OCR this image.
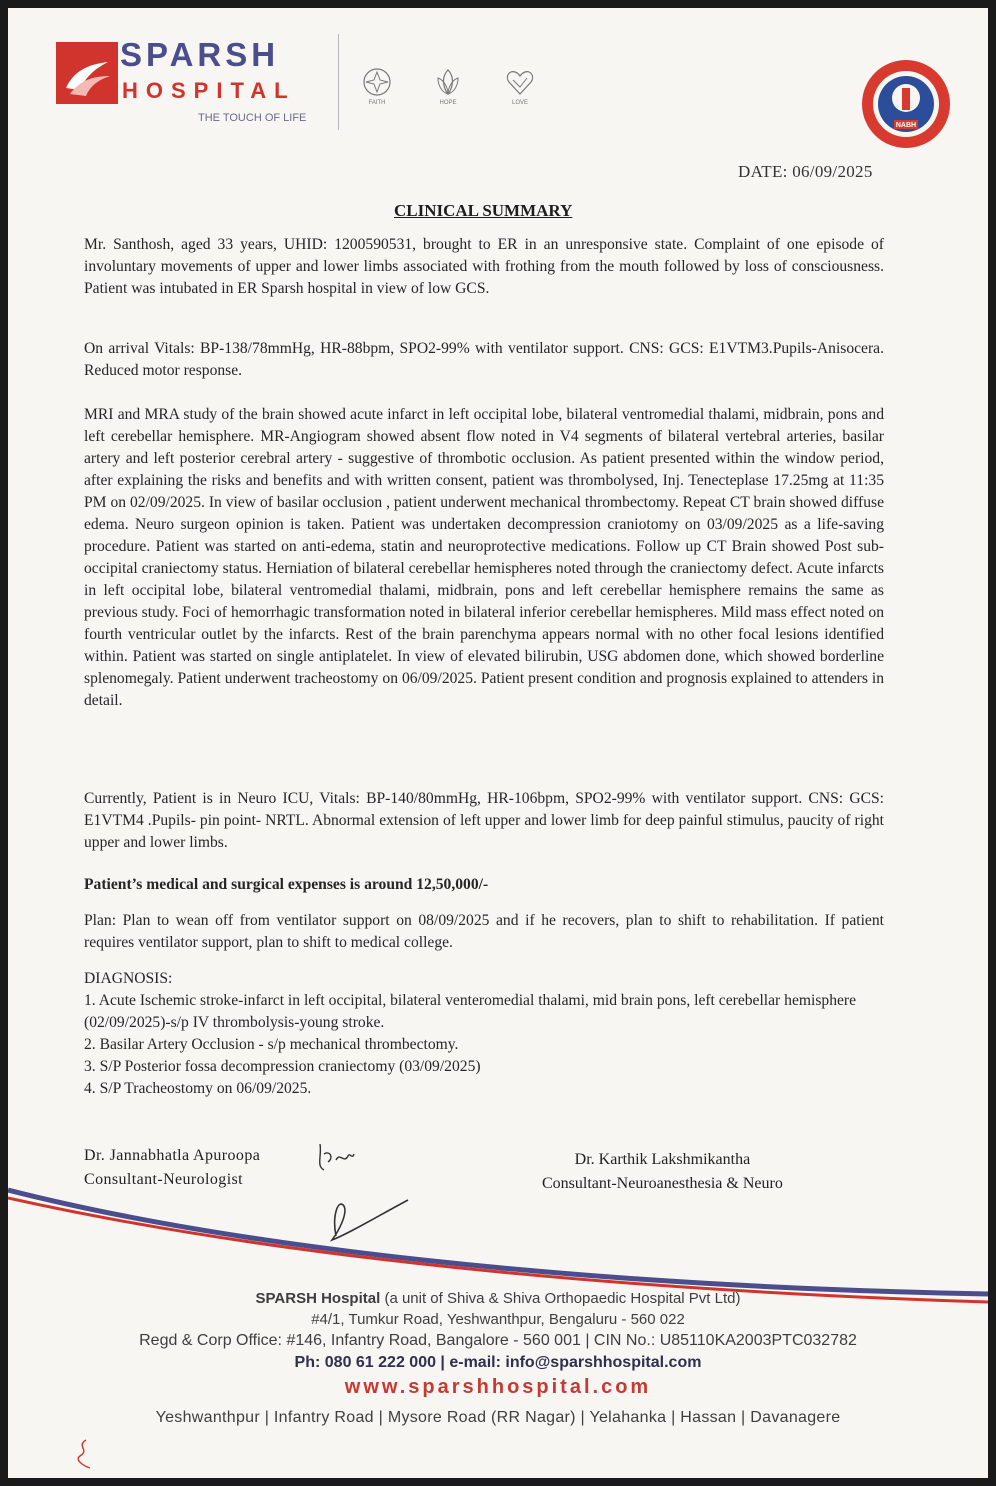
SPARSH
HOSPITAL
THE TOUCH OF LIFE
FAITH	HOPE	LOVE
NABH
DATE: 06/09/2025
CLINICAL SUMMARY
Mr. Santhosh, aged 33 years, UHID: 1200590531, brought to ER in an unresponsive state. Complaint of one episode of involuntary movements of upper and lower limbs associated with frothing from the mouth followed by loss of consciousness. Patient was intubated in ER Sparsh hospital in view of low GCS.
On arrival Vitals: BP-138/78mmHg, HR-88bpm, SPO2-99% with ventilator support. CNS: GCS: E1VTM3.Pupils-Anisocera. Reduced motor response.
MRI and MRA study of the brain showed acute infarct in left occipital lobe, bilateral ventromedial thalami, midbrain, pons and left cerebellar hemisphere. MR-Angiogram showed absent flow noted in V4 segments of bilateral vertebral arteries, basilar artery and left posterior cerebral artery - suggestive of thrombotic occlusion. As patient presented within the window period, after explaining the risks and benefits and with written consent, patient was thrombolysed, Inj. Tenecteplase 17.25mg at 11:35 PM on 02/09/2025. In view of basilar occlusion , patient underwent mechanical thrombectomy. Repeat CT brain showed diffuse edema. Neuro surgeon opinion is taken. Patient was undertaken decompression craniotomy on 03/09/2025 as a life-saving procedure. Patient was started on anti-edema, statin and neuroprotective medications. Follow up CT Brain showed Post sub-occipital craniectomy status. Herniation of bilateral cerebellar hemispheres noted through the craniectomy defect. Acute infarcts in left occipital lobe, bilateral ventromedial thalami, midbrain, pons and left cerebellar hemisphere remains the same as previous study. Foci of hemorrhagic transformation noted in bilateral inferior cerebellar hemispheres. Mild mass effect noted on fourth ventricular outlet by the infarcts. Rest of the brain parenchyma appears normal with no other focal lesions identified within. Patient was started on single antiplatelet. In view of elevated bilirubin, USG abdomen done, which showed borderline splenomegaly. Patient underwent tracheostomy on 06/09/2025. Patient present condition and prognosis explained to attenders in detail.
Currently, Patient is in Neuro ICU, Vitals: BP-140/80mmHg, HR-106bpm, SPO2-99% with ventilator support. CNS: GCS: E1VTM4 .Pupils- pin point- NRTL. Abnormal extension of left upper and lower limb for deep painful stimulus, paucity of right upper and lower limbs.
Patient’s medical and surgical expenses is around 12,50,000/-
Plan: Plan to wean off from ventilator support on 08/09/2025 and if he recovers, plan to shift to rehabilitation. If patient requires ventilator support, plan to shift to medical college.
DIAGNOSIS:
1. Acute Ischemic stroke-infarct in left occipital, bilateral venteromedial thalami, mid brain pons, left cerebellar hemisphere (02/09/2025)-s/p IV thrombolysis-young stroke.
2. Basilar Artery Occlusion - s/p mechanical thrombectomy.
3. S/P Posterior fossa decompression craniectomy (03/09/2025)
4. S/P Tracheostomy on 06/09/2025.
Dr. Jannabhatla Apuroopa
Consultant-Neurologist
Dr. Karthik Lakshmikantha
Consultant-Neuroanesthesia & Neuro
SPARSH Hospital (a unit of Shiva & Shiva Orthopaedic Hospital Pvt Ltd)
#4/1, Tumkur Road, Yeshwanthpur, Bengaluru - 560 022
Regd & Corp Office: #146, Infantry Road, Bangalore - 560 001 | CIN No.: U85110KA2003PTC032782
Ph: 080 61 222 000 | e-mail: info@sparshhospital.com
www.sparshhospital.com
Yeshwanthpur | Infantry Road | Mysore Road (RR Nagar) | Yelahanka | Hassan | Davanagere
